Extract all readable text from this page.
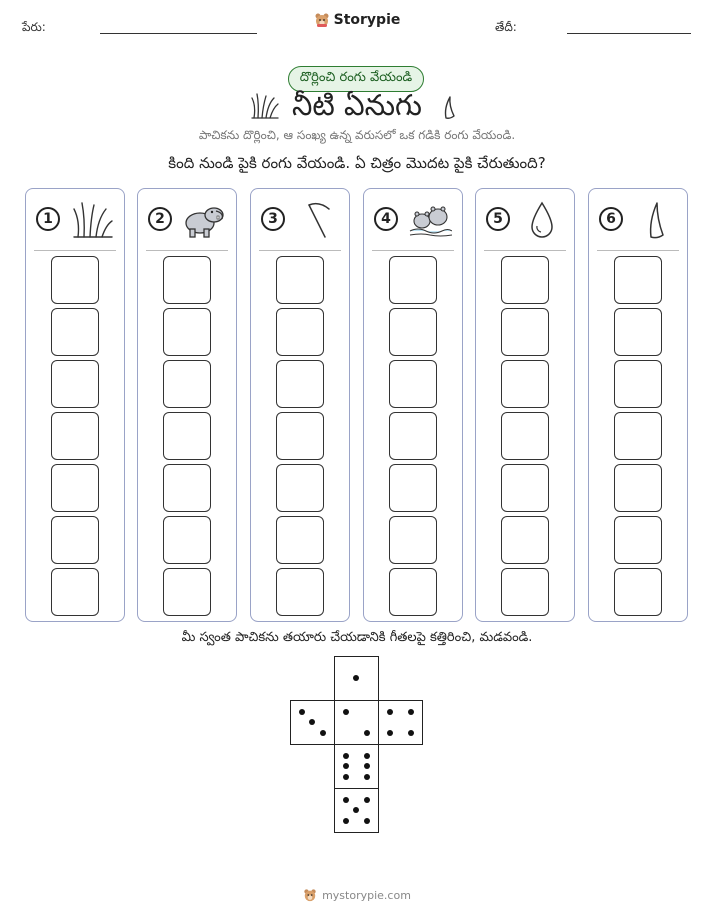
పేరు:	Storypie	తేదీ:
దొర్లించి రంగు వేయండి
నీటి ఏనుగు
పాచికను దొర్లించి, ఆ సంఖ్య ఉన్న వరుసలో ఒక గడికి రంగు వేయండి.
కింది నుండి పైకి రంగు వేయండి. ఏ చిత్రం మొదట పైకి చేరుతుంది?
1	2	3	4	5	6
మీ స్వంత పాచికను తయారు చేయడానికి గీతలపై కత్తిరించి, మడవండి.
mystorypie.com
